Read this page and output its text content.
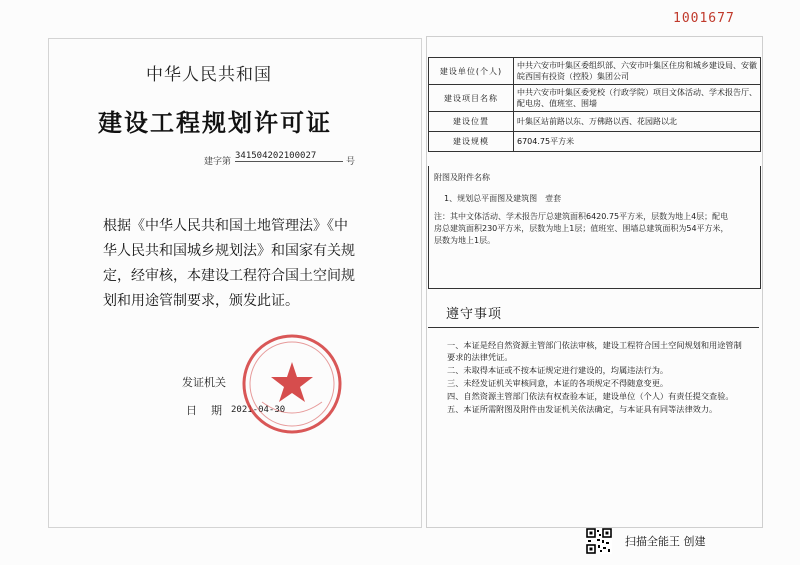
1001677
中华人民共和国
建设工程规划许可证
建字第
341504202100027
号
根据《中华人民共和国土地管理法》《中华人民共和国城乡规划法》和国家有关规定，经审核，本建设工程符合国土空间规划和用途管制要求，颁发此证。
发证机关
日期
2021-04-30
建设单位(个人)	中共六安市叶集区委组织部、六安市叶集区住房和城乡建设局、安徽皖西国有投资（控股）集团公司
建设项目名称	中共六安市叶集区委党校（行政学院）项目文体活动、学术报告厅、配电房、值班室、围墙
建设位置	叶集区站前路以东、万佛路以西、花园路以北
建设规模	6704.75平方米
附图及附件名称
1、规划总平面图及建筑图　壹套
注：其中文体活动、学术报告厅总建筑面积6420.75平方米，层数为地上4层；配电房总建筑面积230平方米，层数为地上1层；值班室、围墙总建筑面积为54平方米，层数为地上1层。
遵守事项
一、本证是经自然资源主管部门依法审核，建设工程符合国土空间规划和用途管制要求的法律凭证。
二、未取得本证或不按本证规定进行建设的，均属违法行为。
三、未经发证机关审核同意，本证的各项规定不得随意变更。
四、自然资源主管部门依法有权查验本证，建设单位（个人）有责任提交查验。
五、本证所需附图及附件由发证机关依法确定，与本证具有同等法律效力。
扫描全能王 创建
